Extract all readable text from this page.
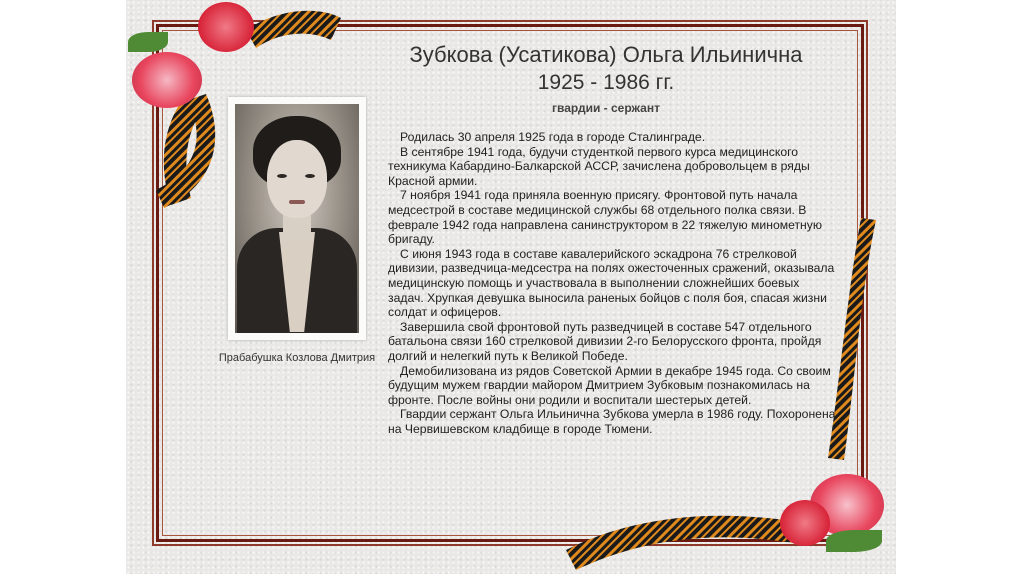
Зубкова (Усатикова) Ольга Ильинична
1925 - 1986 гг.
гвардии - сержант
Прабабушка Козлова Дмитрия

Родилась 30 апреля 1925 года в городе Сталинграде.

В сентябре 1941 года, будучи студенткой первого курса медицинского техникума Кабардино-Балкарской АССР, зачислена добровольцем в ряды Красной армии.

7 ноября 1941 года приняла военную присягу. Фронтовой путь начала медсестрой в составе медицинской службы 68 отдельного полка связи. В феврале 1942 года направлена санинструктором в 22 тяжелую минометную бригаду.

С июня 1943 года в составе кавалерийского эскадрона 76 стрелковой дивизии, разведчица-медсестра на полях ожесточенных сражений, оказывала медицинскую помощь и участвовала в выполнении сложнейших боевых задач. Хрупкая девушка выносила раненых бойцов с поля боя, спасая жизни солдат и офицеров.

Завершила свой фронтовой путь разведчицей в составе 547 отдельного батальона связи 160 стрелковой дивизии 2-го Белорусского фронта, пройдя долгий и нелегкий путь к Великой Победе.

Демобилизована из рядов Советской Армии в декабре 1945 года. Со своим будущим мужем гвардии майором Дмитрием Зубковым познакомилась на фронте. После войны они родили и воспитали шестерых детей.

Гвардии сержант Ольга Ильинична Зубкова умерла в 1986 году. Похоронена на Червишевском кладбище в городе Тюмени.
